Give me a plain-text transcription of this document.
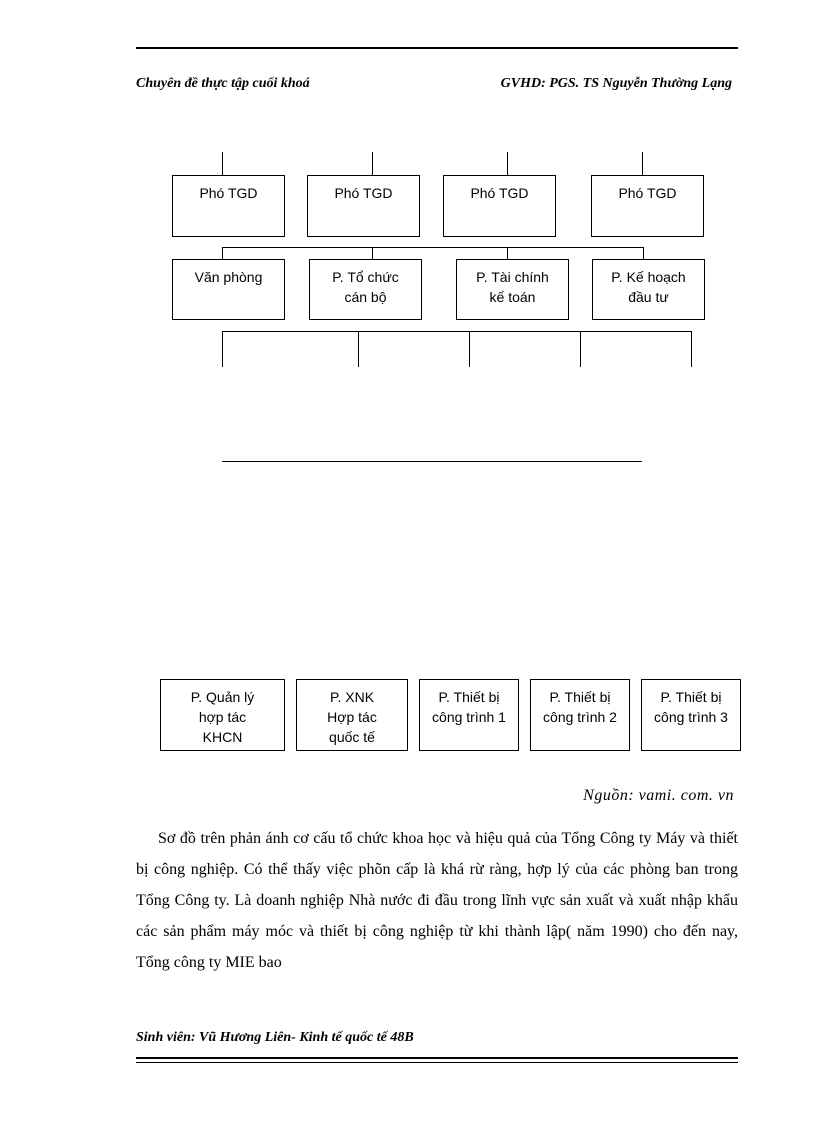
Chuyên đề thực tập cuối khoá	GVHD: PGS. TS Nguyễn Thường Lạng
Phó TGD	Phó TGD	Phó TGD	Phó TGD
Văn phòng	P. Tổ chức cán bộ
P. Tài chính kế toán
P. Kế hoạch đầu tư
P. Quản lý hợp tác KHCN
P. XNK Hợp tác quốc tế
P. Thiết bị công trình 1
P. Thiết bị công trình 2
P. Thiết bị công trình 3
Nguồn: vami. com. vn
Sơ đồ trên phản ánh cơ cấu tổ chức khoa học và hiệu quả của Tổng Công ty Máy và thiết bị công nghiệp. Có thể thấy việc phõn cấp là khá rừ ràng, hợp lý của các phòng ban trong Tổng Công ty. Là doanh nghiệp Nhà nước đi đầu trong lĩnh vực sản xuất và xuất nhập khẩu các sản phẩm máy móc và thiết bị công nghiệp từ khi thành lập( năm 1990) cho đến nay, Tổng công ty MIE bao
Sinh viên: Vũ Hương Liên- Kinh tế quốc tế 48B
